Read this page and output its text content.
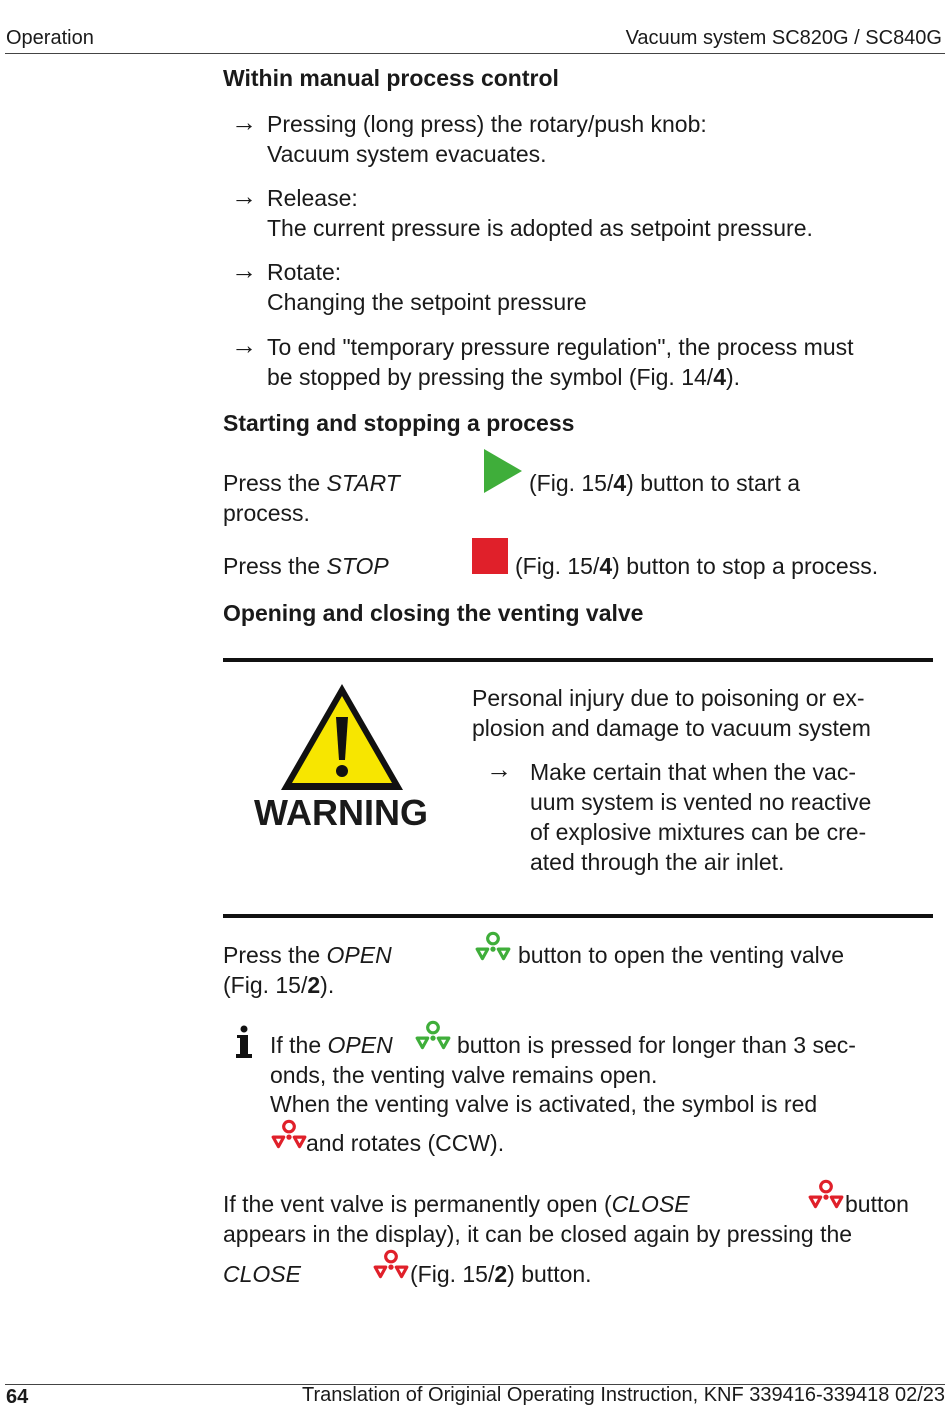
Operation	Vacuum system SC820G / SC840G
Within manual process control
→ Pressing (long press) the rotary/push knob:
Vacuum system evacuates.
→ Release:
The current pressure is adopted as setpoint pressure.
→ Rotate:
Changing the setpoint pressure
→ To end "temporary pressure regulation", the process must
be stopped by pressing the symbol (Fig. 14/4).
Starting and stopping a process
Press the START
process.
(Fig. 15/4) button to start a
Press the STOP	(Fig. 15/4) button to stop a process.
Opening and closing the venting valve
WARNING
Personal injury due to poisoning or ex-
plosion and damage to vacuum system
→ Make certain that when the vac-
uum system is vented no reactive
of explosive mixtures can be cre-
ated through the air inlet.
Press the OPEN
(Fig. 15/2).
button to open the venting valve
If the OPEN	button is pressed for longer than 3 sec-
onds, the venting valve remains open.
When the venting valve is activated, the symbol is red
and rotates (CCW).
If the vent valve is permanently open (CLOSE	button
appears in the display), it can be closed again by pressing the
CLOSE	(Fig. 15/2) button.
64	Translation of Originial Operating Instruction, KNF 339416-339418 02/23
